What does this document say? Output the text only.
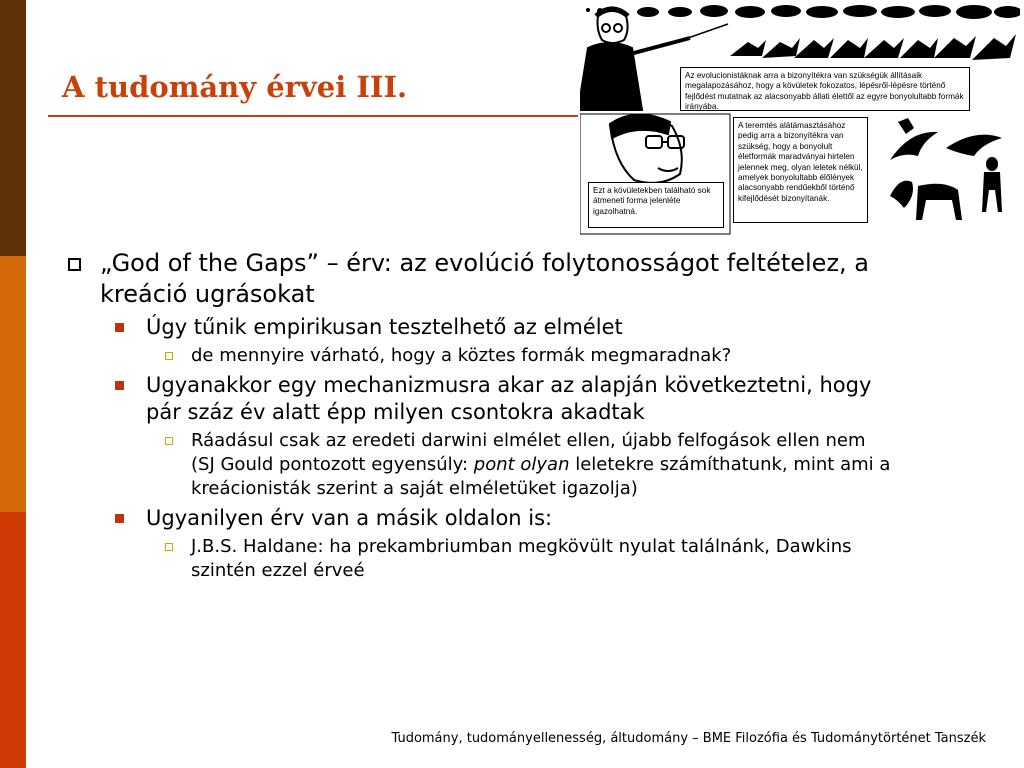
A tudomány érvei III.	Az evolucionistáknak arra a bizonyítékra van szükségük állításaik megalapozásához, hogy a kövületek fokozatos, lépésről-lépésre történő fejlődést mutatnak az alacsonyabb állati élettől az egyre bonyolultabb formák irányába.
A teremtés alátámasztásához pedig arra a bizonyítékra van szükség, hogy a bonyolult életformák maradványai hirtelen jelennek meg, olyan leletek nélkül, amelyek bonyolultabb élőlények alacsonyabb rendűekből történő kifejlődését bizonyítanák.
Ezt a kövületekben található sok átmeneti forma jelenléte igazolhatná.
„God of the Gaps” – érv: az evolúció folytonosságot feltételez, a kreáció ugrásokat
Úgy tűnik empirikusan tesztelhető az elmélet
de mennyire várható, hogy a köztes formák megmaradnak?
Ugyanakkor egy mechanizmusra akar az alapján következtetni, hogy pár száz év alatt épp milyen csontokra akadtak
Ráadásul csak az eredeti darwini elmélet ellen, újabb felfogások ellen nem (SJ Gould pontozott egyensúly: pont olyan leletekre számíthatunk, mint ami a kreácionisták szerint a saját elméletüket igazolja)
Ugyanilyen érv van a másik oldalon is:
J.B.S. Haldane: ha prekambriumban megkövült nyulat találnánk, Dawkins szintén ezzel érveé
Tudomány, tudományellenesség, áltudomány – BME Filozófia és Tudománytörténet Tanszék
